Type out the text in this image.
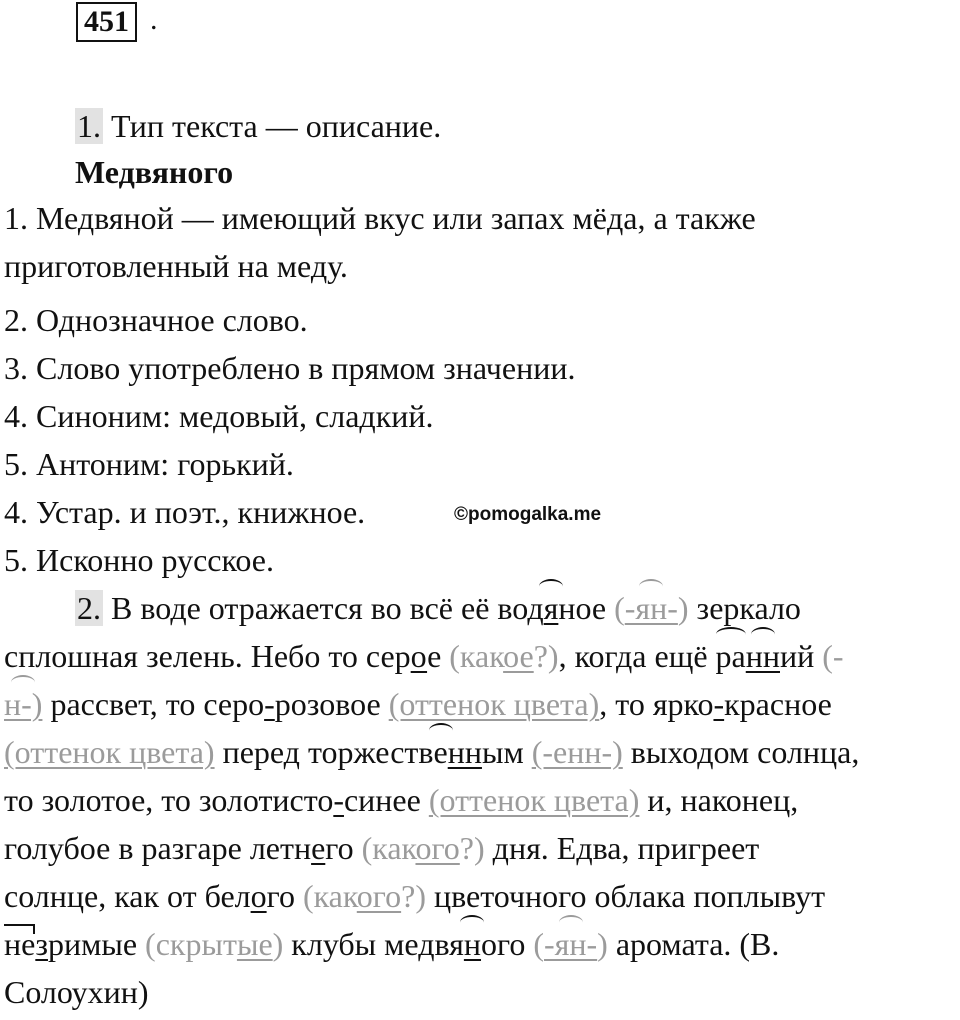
451 .
1. Тип текста — описание.
Медвяного
1. Медвяной — имеющий вкус или запах мёда, а также
приготовленный на меду.
2. Однозначное слово.
3. Слово употреблено в прямом значении.
4. Синоним: медовый, сладкий.
5. Антоним: горький.
4. Устар. и поэт., книжное.	©pomogalka.me
5. Исконно русское.
2. В воде отражается во всё её водяное (-ян-) зеркало
сплошная зелень. Небо то серое (какое?), когда ещё ранний (-
н-) рассвет, то серо-розовое (оттенок цвета), то ярко-красное
(оттенок цвета) перед торжественным (-енн-) выходом солнца,
то золотое, то золотисто-синее (оттенок цвета) и, наконец,
голубое в разгаре летнего (какого?) дня. Едва, пригреет
солнце, как от белого (какого?) цветочного облака поплывут
незримые (скрытые) клубы медвяного (-ян-) аромата. (В.
Солоухин)
